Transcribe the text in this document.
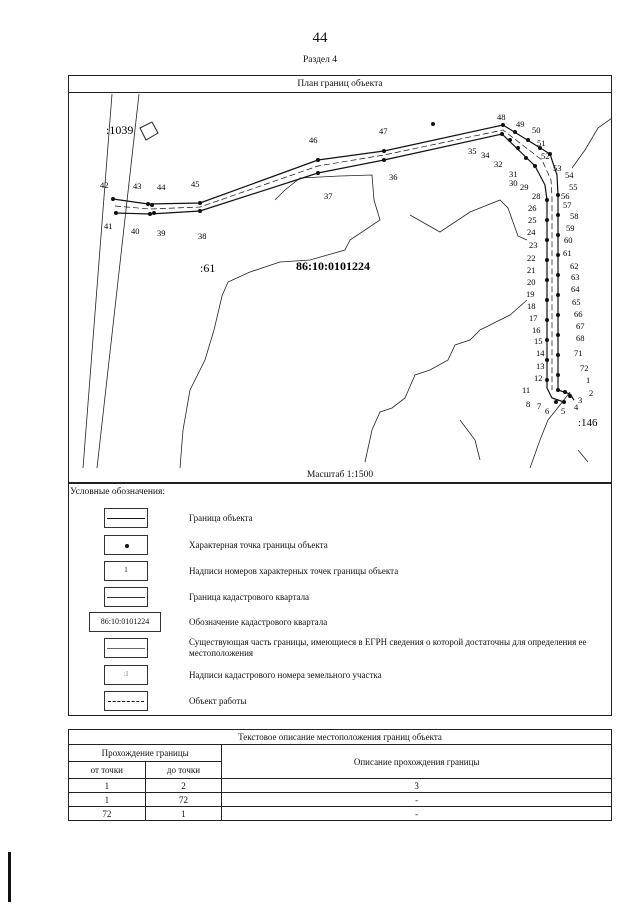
44
Раздел 4
План границ объекта
:1039
:61
:146
86:10:0101224
42	43 44	45
46
47
48
49
50
51
52
53
54
55
56
57
58
59
60
61
62
63
64
65
66
67
68
71
72
1
2
3
4
5
41 40 39	38
37
36
35 34
32
31
30 29
28
26
25
24
23
22
21
20
19
18
17
16
15
14
13
12
11
8 7 6
Масштаб 1:1500
Условные обозначения:
Граница объекта
Характерная точка границы объекта
1	Надписи номеров характерных точек границы объекта
Граница кадастрового квартала
86:10:0101224	Обозначение кадастрового квартала
Существующая часть границы, имеющиеся в ЕГРН сведения о которой достаточны для определения ее местоположения
:1	Надписи кадастрового номера земельного участка
Объект работы
Текстовое описание местоположения границ объекта		
Прохождение границы		Описание прохождения границы
от точки	до точки	
1	2	3
1	72	-
72	1	-
